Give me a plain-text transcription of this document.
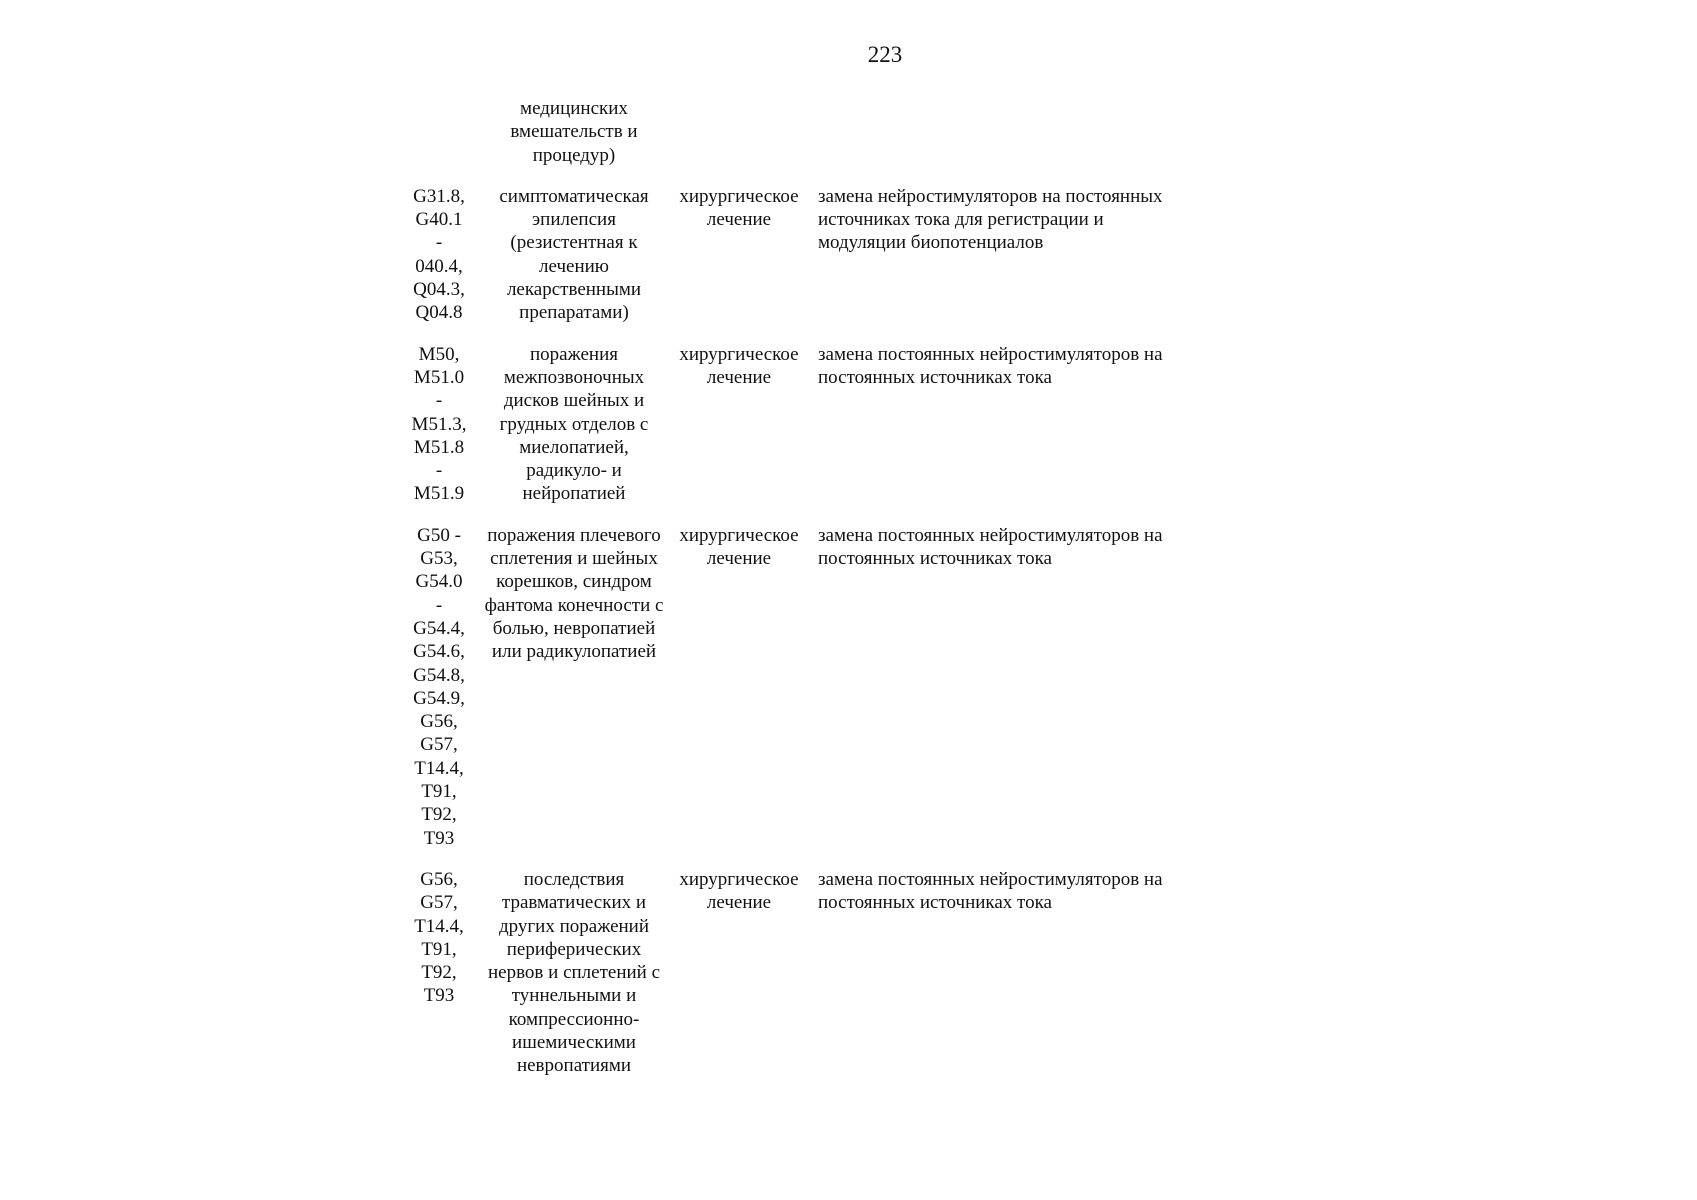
223
медицинских
вмешательств и
процедур)
G31.8,
G40.1
-
040.4,
Q04.3,
Q04.8
симптоматическая
эпилепсия
(резистентная к
лечению
лекарственными
препаратами)
хирургическое
лечение
замена нейростимуляторов на постоянных
источниках тока для регистрации и
модуляции биопотенциалов
M50,
M51.0
-
M51.3,
M51.8
-
M51.9
поражения
межпозвоночных
дисков шейных и
грудных отделов с
миелопатией,
радикуло- и
нейропатией
хирургическое
лечение
замена постоянных нейростимуляторов на
постоянных источниках тока
G50 -
G53,
G54.0
-
G54.4,
G54.6,
G54.8,
G54.9,
G56,
G57,
T14.4,
T91,
T92,
T93
поражения плечевого
сплетения и шейных
корешков, синдром
фантома конечности с
болью, невропатией
или радикулопатией
хирургическое
лечение
замена постоянных нейростимуляторов на
постоянных источниках тока
G56,
G57,
T14.4,
T91,
T92,
T93
последствия
травматических и
других поражений
периферических
нервов и сплетений с
туннельными и
компрессионно-
ишемическими
невропатиями
хирургическое
лечение
замена постоянных нейростимуляторов на
постоянных источниках тока
